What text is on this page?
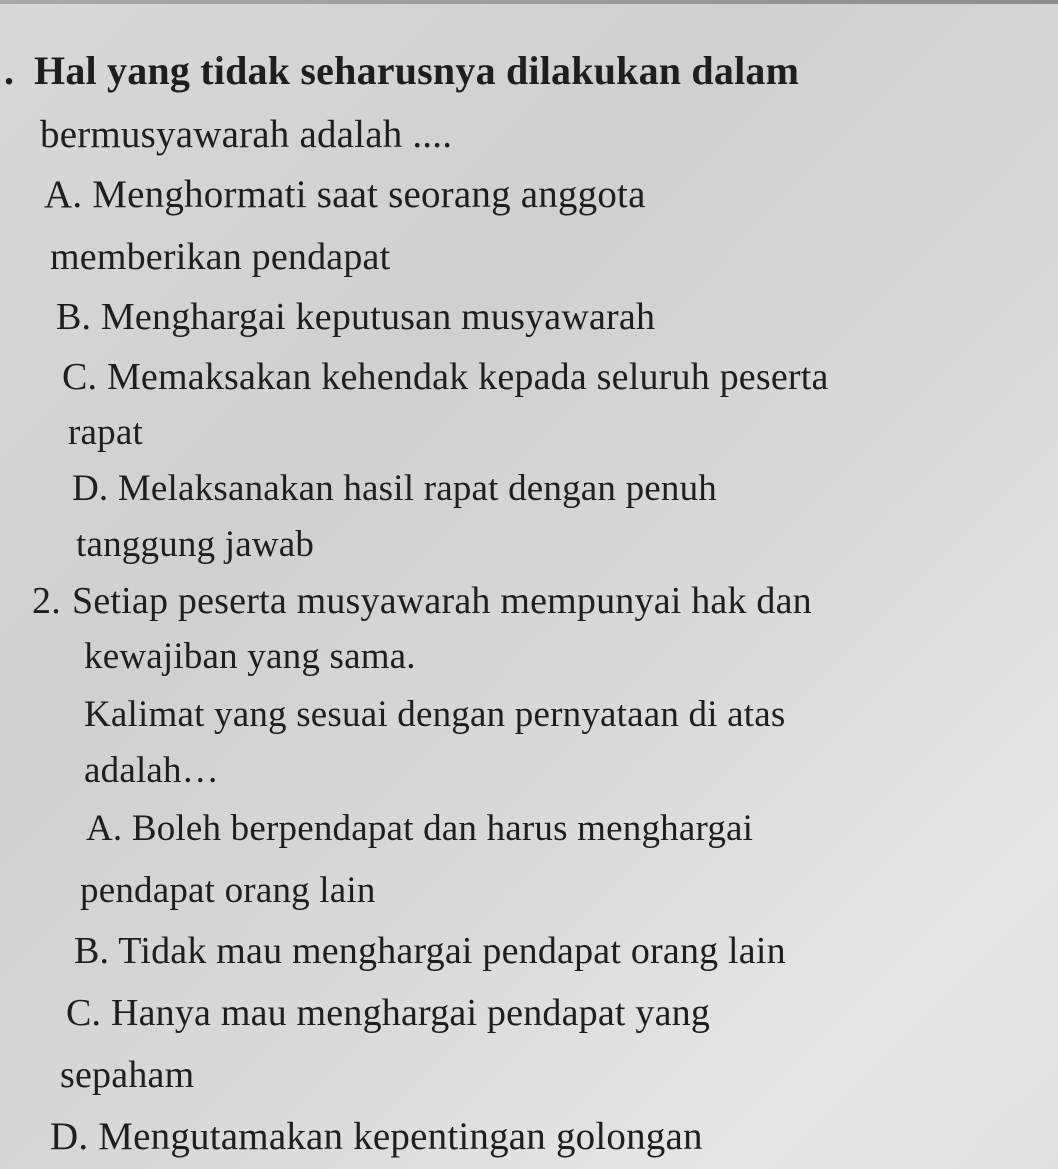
. Hal yang tidak seharusnya dilakukan dalam
bermusyawarah adalah ....
A. Menghormati saat seorang anggota
memberikan pendapat
B. Menghargai keputusan musyawarah
C. Memaksakan kehendak kepada seluruh peserta
rapat
D. Melaksanakan hasil rapat dengan penuh
tanggung jawab
2. Setiap peserta musyawarah mempunyai hak dan
kewajiban yang sama.
Kalimat yang sesuai dengan pernyataan di atas
adalah…
A. Boleh berpendapat dan harus menghargai
pendapat orang lain
B. Tidak mau menghargai pendapat orang lain
C. Hanya mau menghargai pendapat yang
sepaham
D. Mengutamakan kepentingan golongan
